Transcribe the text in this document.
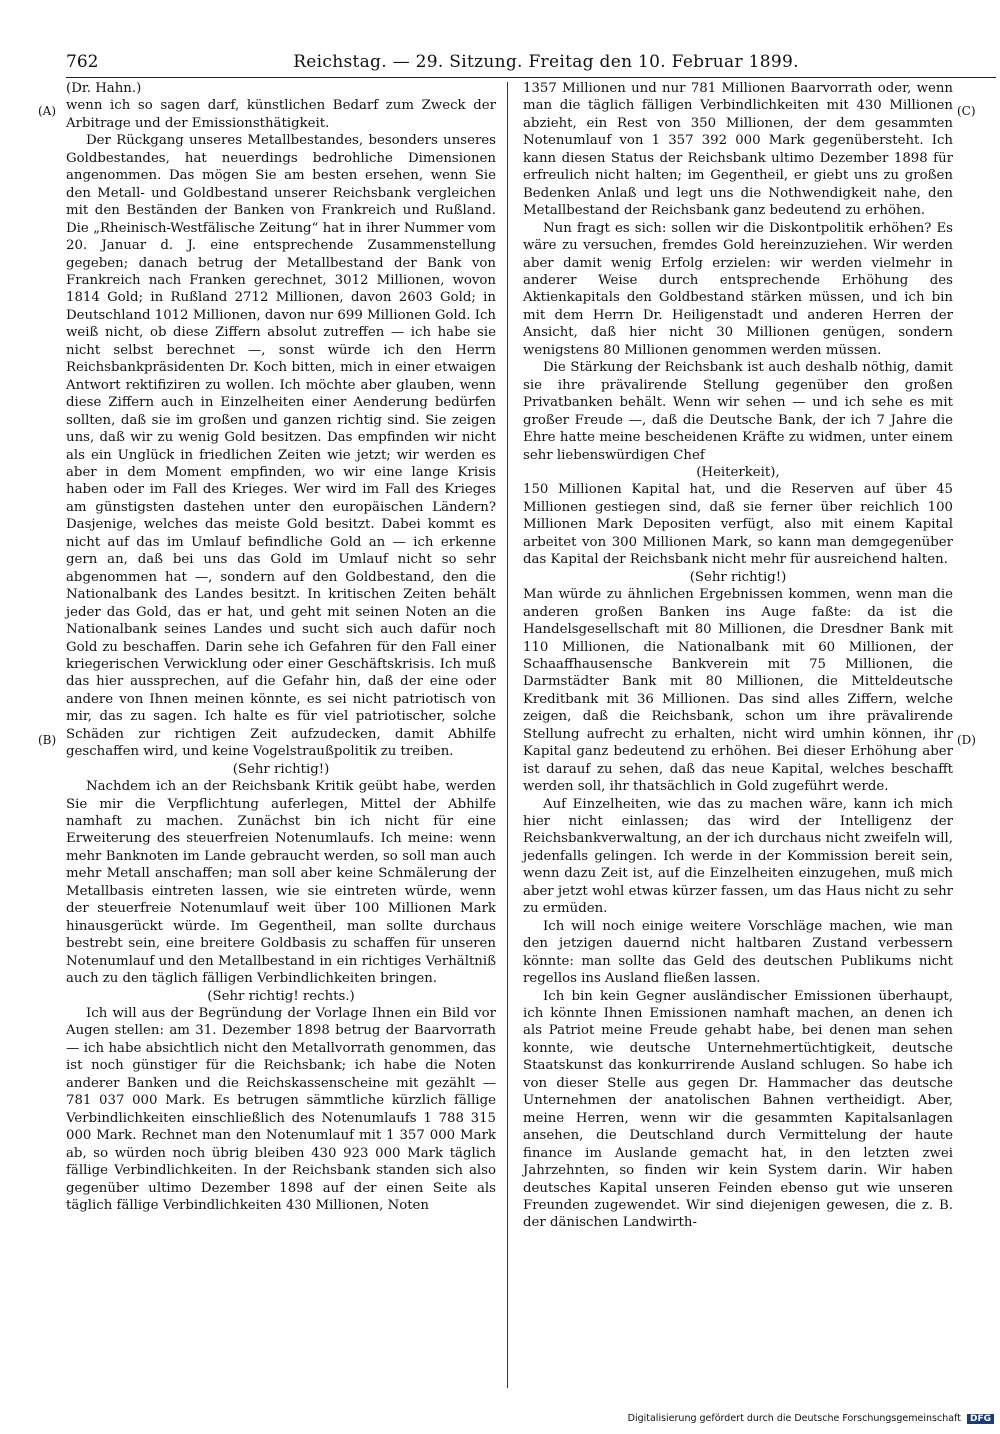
762	Reichstag. — 29. Sitzung. Freitag den 10. Februar 1899.
(A)
(B)
(C)
(D)

(Dr. Hahn.)

wenn ich so sagen darf, künstlichen Bedarf zum Zweck der Arbitrage und der Emissionsthätigkeit.

Der Rückgang unseres Metallbestandes, besonders unseres Goldbestandes, hat neuerdings bedrohliche Dimensionen angenommen. Das mögen Sie am besten ersehen, wenn Sie den Metall- und Goldbestand unserer Reichsbank vergleichen mit den Beständen der Banken von Frankreich und Rußland. Die „Rheinisch-Westfälische Zeitung“ hat in ihrer Nummer vom 20. Januar d. J. eine entsprechende Zusammenstellung gegeben; danach betrug der Metallbestand der Bank von Frankreich nach Franken gerechnet, 3012 Millionen, wovon 1814 Gold; in Rußland 2712 Millionen, davon 2603 Gold; in Deutschland 1012 Millionen, davon nur 699 Millionen Gold. Ich weiß nicht, ob diese Ziffern absolut zutreffen — ich habe sie nicht selbst berechnet —, sonst würde ich den Herrn Reichsbankpräsidenten Dr. Koch bitten, mich in einer etwaigen Antwort rektifiziren zu wollen. Ich möchte aber glauben, wenn diese Ziffern auch in Einzelheiten einer Aenderung bedürfen sollten, daß sie im großen und ganzen richtig sind. Sie zeigen uns, daß wir zu wenig Gold besitzen. Das empfinden wir nicht als ein Unglück in friedlichen Zeiten wie jetzt; wir werden es aber in dem Moment empfinden, wo wir eine lange Krisis haben oder im Fall des Krieges. Wer wird im Fall des Krieges am günstigsten dastehen unter den europäischen Ländern? Dasjenige, welches das meiste Gold besitzt. Dabei kommt es nicht auf das im Umlauf befindliche Gold an — ich erkenne gern an, daß bei uns das Gold im Umlauf nicht so sehr abgenommen hat —, sondern auf den Goldbestand, den die Nationalbank des Landes besitzt. In kritischen Zeiten behält jeder das Gold, das er hat, und geht mit seinen Noten an die Nationalbank seines Landes und sucht sich auch dafür noch Gold zu beschaffen. Darin sehe ich Gefahren für den Fall einer kriegerischen Verwicklung oder einer Geschäftskrisis. Ich muß das hier aussprechen, auf die Gefahr hin, daß der eine oder andere von Ihnen meinen könnte, es sei nicht patriotisch von mir, das zu sagen. Ich halte es für viel patriotischer, solche Schäden zur richtigen Zeit aufzudecken, damit Abhilfe geschaffen wird, und keine Vogelstraußpolitik zu treiben.

(Sehr richtig!)

Nachdem ich an der Reichsbank Kritik geübt habe, werden Sie mir die Verpflichtung auferlegen, Mittel der Abhilfe namhaft zu machen. Zunächst bin ich nicht für eine Erweiterung des steuerfreien Notenumlaufs. Ich meine: wenn mehr Banknoten im Lande gebraucht werden, so soll man auch mehr Metall anschaffen; man soll aber keine Schmälerung der Metallbasis eintreten lassen, wie sie eintreten würde, wenn der steuerfreie Notenumlauf weit über 100 Millionen Mark hinausgerückt würde. Im Gegentheil, man sollte durchaus bestrebt sein, eine breitere Goldbasis zu schaffen für unseren Notenumlauf und den Metallbestand in ein richtiges Verhältniß auch zu den täglich fälligen Verbindlichkeiten bringen.

(Sehr richtig! rechts.)

Ich will aus der Begründung der Vorlage Ihnen ein Bild vor Augen stellen: am 31. Dezember 1898 betrug der Baarvorrath — ich habe absichtlich nicht den Metallvorrath genommen, das ist noch günstiger für die Reichsbank; ich habe die Noten anderer Banken und die Reichskassenscheine mit gezählt — 781 037 000 Mark. Es betrugen sämmtliche kürzlich fällige Verbindlichkeiten einschließlich des Notenumlaufs 1 788 315 000 Mark. Rechnet man den Notenumlauf mit 1 357 000 Mark ab, so würden noch übrig bleiben 430 923 000 Mark täglich fällige Verbindlichkeiten. In der Reichsbank standen sich also gegenüber ultimo Dezember 1898 auf der einen Seite als täglich fällige Verbindlichkeiten 430 Millionen, Noten

1357 Millionen und nur 781 Millionen Baarvorrath oder, wenn man die täglich fälligen Verbindlichkeiten mit 430 Millionen abzieht, ein Rest von 350 Millionen, der dem gesammten Notenumlauf von 1 357 392 000 Mark gegenübersteht. Ich kann diesen Status der Reichsbank ultimo Dezember 1898 für erfreulich nicht halten; im Gegentheil, er giebt uns zu großen Bedenken Anlaß und legt uns die Nothwendigkeit nahe, den Metallbestand der Reichsbank ganz bedeutend zu erhöhen.

Nun fragt es sich: sollen wir die Diskontpolitik erhöhen? Es wäre zu versuchen, fremdes Gold hereinzuziehen. Wir werden aber damit wenig Erfolg erzielen: wir werden vielmehr in anderer Weise durch entsprechende Erhöhung des Aktienkapitals den Goldbestand stärken müssen, und ich bin mit dem Herrn Dr. Heiligenstadt und anderen Herren der Ansicht, daß hier nicht 30 Millionen genügen, sondern wenigstens 80 Millionen genommen werden müssen.

Die Stärkung der Reichsbank ist auch deshalb nöthig, damit sie ihre prävalirende Stellung gegenüber den großen Privatbanken behält. Wenn wir sehen — und ich sehe es mit großer Freude —, daß die Deutsche Bank, der ich 7 Jahre die Ehre hatte meine bescheidenen Kräfte zu widmen, unter einem sehr liebenswürdigen Chef

(Heiterkeit),

150 Millionen Kapital hat, und die Reserven auf über 45 Millionen gestiegen sind, daß sie ferner über reichlich 100 Millionen Mark Depositen verfügt, also mit einem Kapital arbeitet von 300 Millionen Mark, so kann man demgegenüber das Kapital der Reichsbank nicht mehr für ausreichend halten.

(Sehr richtig!)

Man würde zu ähnlichen Ergebnissen kommen, wenn man die anderen großen Banken ins Auge faßte: da ist die Handelsgesellschaft mit 80 Millionen, die Dresdner Bank mit 110 Millionen, die Nationalbank mit 60 Millionen, der Schaaffhausensche Bankverein mit 75 Millionen, die Darmstädter Bank mit 80 Millionen, die Mitteldeutsche Kreditbank mit 36 Millionen. Das sind alles Ziffern, welche zeigen, daß die Reichsbank, schon um ihre prävalirende Stellung aufrecht zu erhalten, nicht wird umhin können, ihr Kapital ganz bedeutend zu erhöhen. Bei dieser Erhöhung aber ist darauf zu sehen, daß das neue Kapital, welches beschafft werden soll, ihr thatsächlich in Gold zugeführt werde.

Auf Einzelheiten, wie das zu machen wäre, kann ich mich hier nicht einlassen; das wird der Intelligenz der Reichsbankverwaltung, an der ich durchaus nicht zweifeln will, jedenfalls gelingen. Ich werde in der Kommission bereit sein, wenn dazu Zeit ist, auf die Einzelheiten einzugehen, muß mich aber jetzt wohl etwas kürzer fassen, um das Haus nicht zu sehr zu ermüden.

Ich will noch einige weitere Vorschläge machen, wie man den jetzigen dauernd nicht haltbaren Zustand verbessern könnte: man sollte das Geld des deutschen Publikums nicht regellos ins Ausland fließen lassen.

Ich bin kein Gegner ausländischer Emissionen überhaupt, ich könnte Ihnen Emissionen namhaft machen, an denen ich als Patriot meine Freude gehabt habe, bei denen man sehen konnte, wie deutsche Unternehmertüchtigkeit, deutsche Staatskunst das konkurrirende Ausland schlugen. So habe ich von dieser Stelle aus gegen Dr. Hammacher das deutsche Unternehmen der anatolischen Bahnen vertheidigt. Aber, meine Herren, wenn wir die gesammten Kapitalsanlagen ansehen, die Deutschland durch Vermittelung der haute finance im Auslande gemacht hat, in den letzten zwei Jahrzehnten, so finden wir kein System darin. Wir haben deutsches Kapital unseren Feinden ebenso gut wie unseren Freunden zugewendet. Wir sind diejenigen gewesen, die z. B. der dänischen Landwirth-

Digitalisierung gefördert durch die Deutsche Forschungsgemeinschaft DFG
